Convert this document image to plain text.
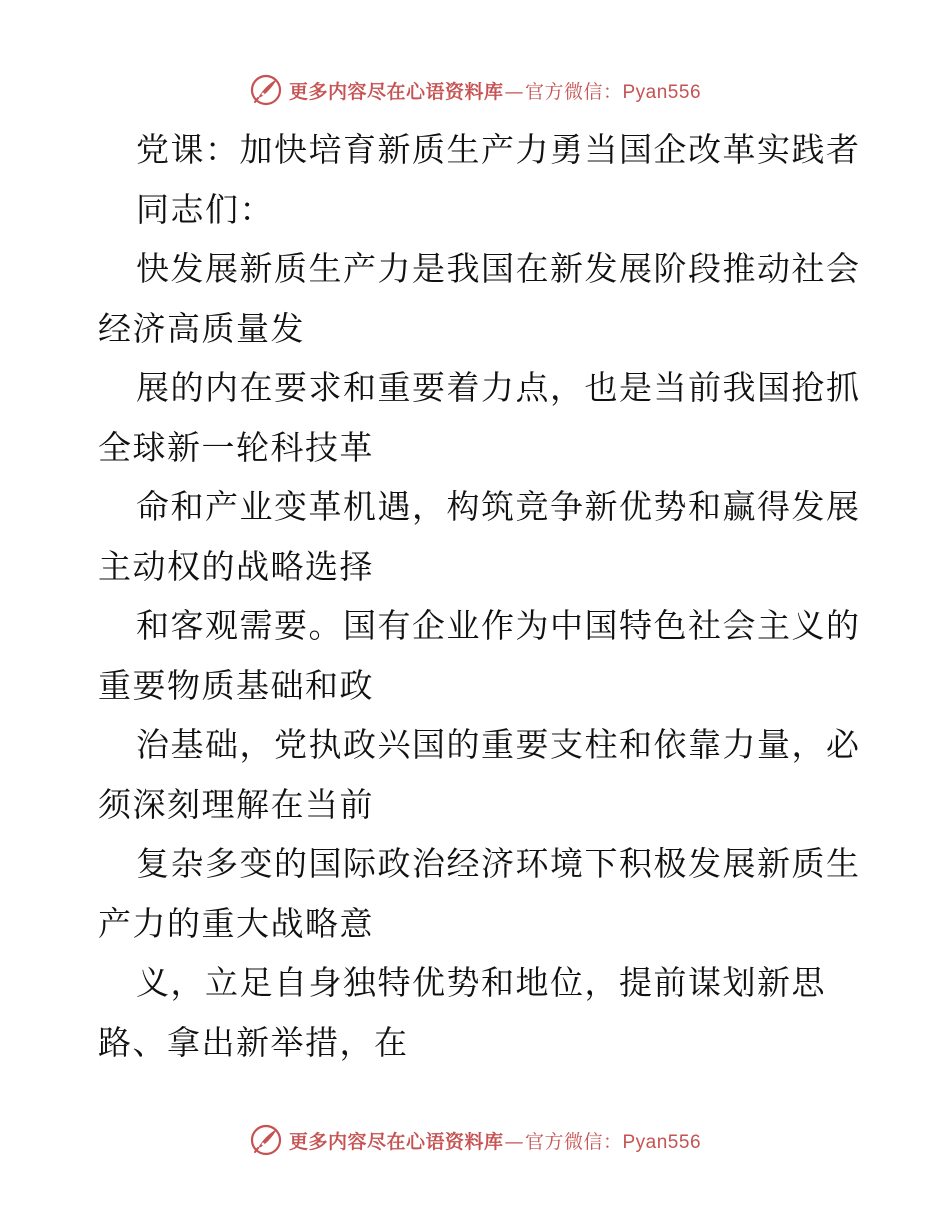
更多内容尽在心语资料库 — 官方微信： Pyan556
党课：加快培育新质生产力勇当国企改革实践者
同志们：
快发展新质生产力是我国在新发展阶段推动社会
经济高质量发
展的内在要求和重要着力点，也是当前我国抢抓
全球新一轮科技革
命和产业变革机遇，构筑竞争新优势和赢得发展
主动权的战略选择
和客观需要。国有企业作为中国特色社会主义的
重要物质基础和政
治基础，党执政兴国的重要支柱和依靠力量，必
须深刻理解在当前
复杂多变的国际政治经济环境下积极发展新质生
产力的重大战略意
义，立足自身独特优势和地位，提前谋划新思
路、拿出新举措，在
更多内容尽在心语资料库 — 官方微信： Pyan556
